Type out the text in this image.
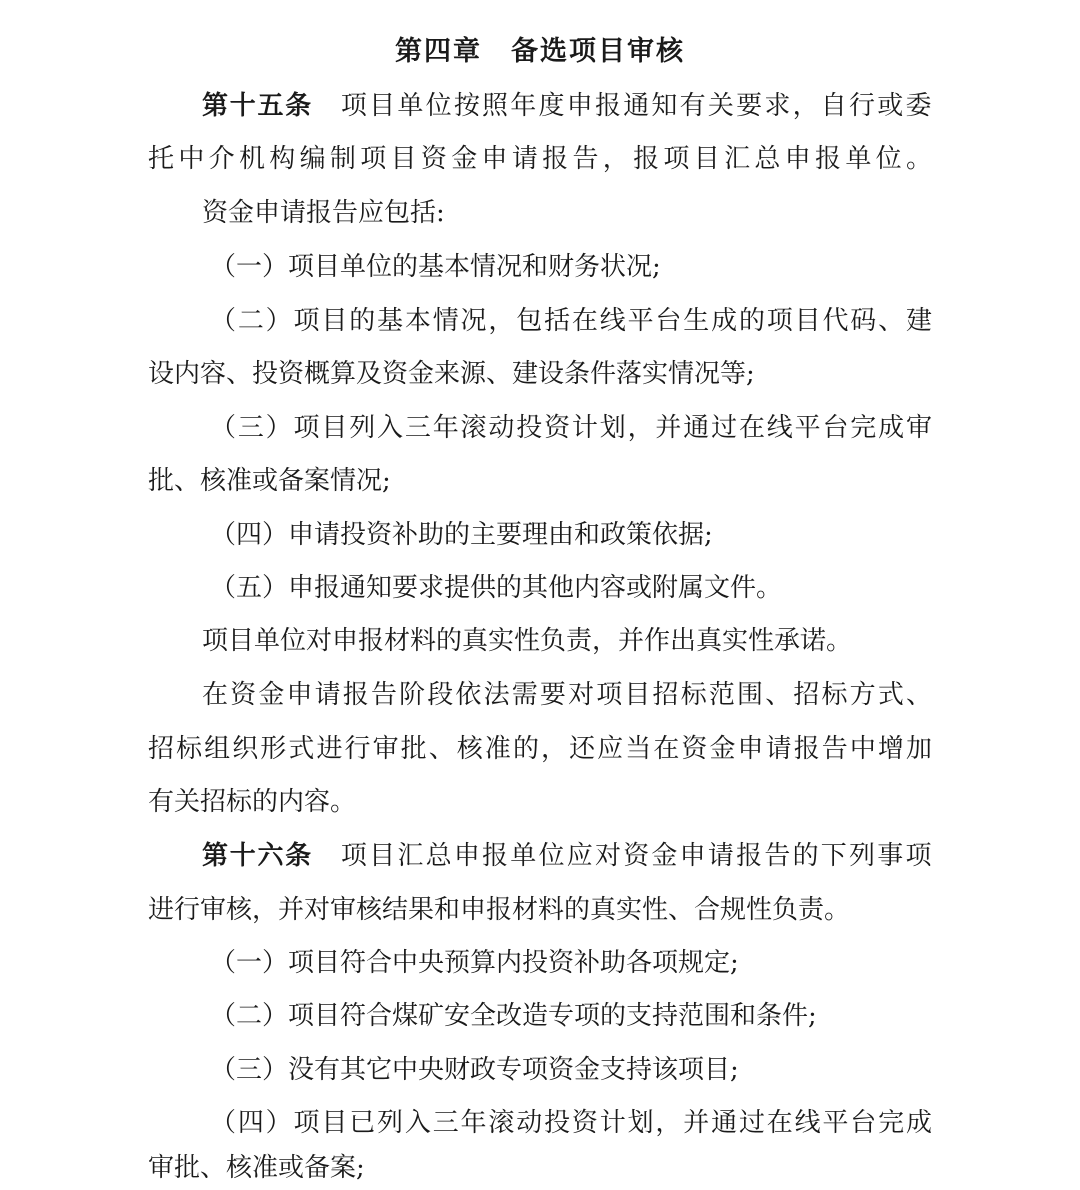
第四章　备选项目审核
第十五条 项目单位按照年度申报通知有关要求，自行或委
托中介机构编制项目资金申请报告，报项目汇总申报单位。
资金申请报告应包括:
（一）项目单位的基本情况和财务状况;
（二）项目的基本情况，包括在线平台生成的项目代码、建
设内容、投资概算及资金来源、建设条件落实情况等;
（三）项目列入三年滚动投资计划，并通过在线平台完成审
批、核准或备案情况;
（四）申请投资补助的主要理由和政策依据;
（五）申报通知要求提供的其他内容或附属文件。
项目单位对申报材料的真实性负责，并作出真实性承诺。
在资金申请报告阶段依法需要对项目招标范围、招标方式、
招标组织形式进行审批、核准的，还应当在资金申请报告中增加
有关招标的内容。
第十六条 项目汇总申报单位应对资金申请报告的下列事项
进行审核，并对审核结果和申报材料的真实性、合规性负责。
（一）项目符合中央预算内投资补助各项规定;
（二）项目符合煤矿安全改造专项的支持范围和条件;
（三）没有其它中央财政专项资金支持该项目;
（四）项目已列入三年滚动投资计划，并通过在线平台完成
审批、核准或备案;
